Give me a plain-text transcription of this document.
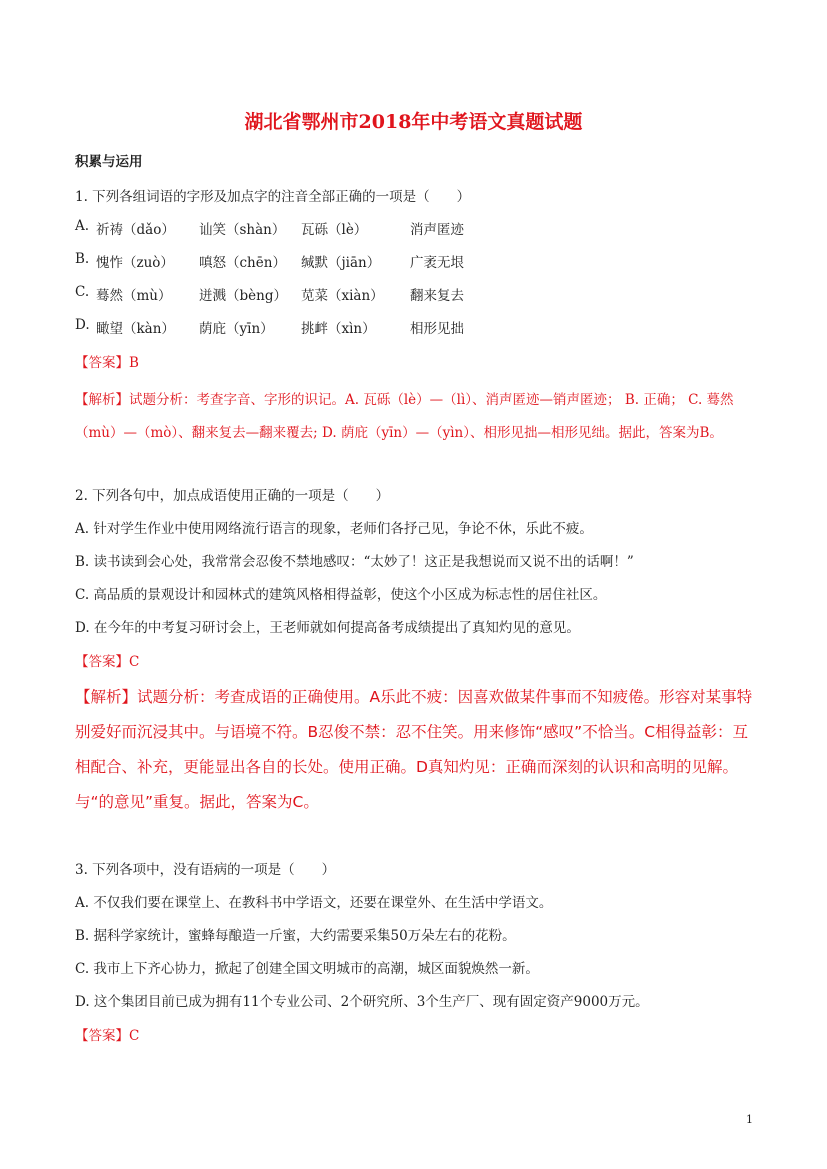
湖北省鄂州市2018年中考语文真题试题
积累与运用
1. 下列各组词语的字形及加点字的注音全部正确的一项是（　　）
A. 祈祷（dǎo） 讪笑（shàn） 瓦砾（lè）	消声匿迹
B. 愧怍（zuò） 嗔怒（chēn） 缄默（jiān） 广袤无垠
C. 蓦然（mù） 迸溅（bèng） 苋菜（xiàn） 翻来复去
D. 瞰望（kàn） 荫庇（yīn） 挑衅（xìn）	相形见拙
【答案】B
【解析】试题分析：考查字音、字形的识记。A. 瓦砾（lè）—（lì）、消声匿迹—销声匿迹； B. 正确； C. 蓦然（mù）—（mò）、翻来复去—翻来覆去; D. 荫庇（yīn）—（yìn）、相形见拙—相形见绌。据此，答案为B。
2. 下列各句中，加点成语使用正确的一项是（　　）
A. 针对学生作业中使用网络流行语言的现象，老师们各抒己见，争论不休，乐此不疲。
B. 读书读到会心处，我常常会忍俊不禁地感叹：“太妙了！这正是我想说而又说不出的话啊！”
C. 高品质的景观设计和园林式的建筑风格相得益彰，使这个小区成为标志性的居住社区。
D. 在今年的中考复习研讨会上，王老师就如何提高备考成绩提出了真知灼见的意见。
【答案】C
【解析】试题分析：考查成语的正确使用。A乐此不疲：因喜欢做某件事而不知疲倦。形容对某事特别爱好而沉浸其中。与语境不符。B忍俊不禁：忍不住笑。用来修饰“感叹”不恰当。C相得益彰：互相配合、补充，更能显出各自的长处。使用正确。D真知灼见：正确而深刻的认识和高明的见解。与“的意见”重复。据此，答案为C。
3. 下列各项中，没有语病的一项是（　　）
A. 不仅我们要在课堂上、在教科书中学语文，还要在课堂外、在生活中学语文。
B. 据科学家统计，蜜蜂每酿造一斤蜜，大约需要采集50万朵左右的花粉。
C. 我市上下齐心协力，掀起了创建全国文明城市的高潮，城区面貌焕然一新。
D. 这个集团目前已成为拥有11个专业公司、2个研究所、3个生产厂、现有固定资产9000万元。
【答案】C
1
